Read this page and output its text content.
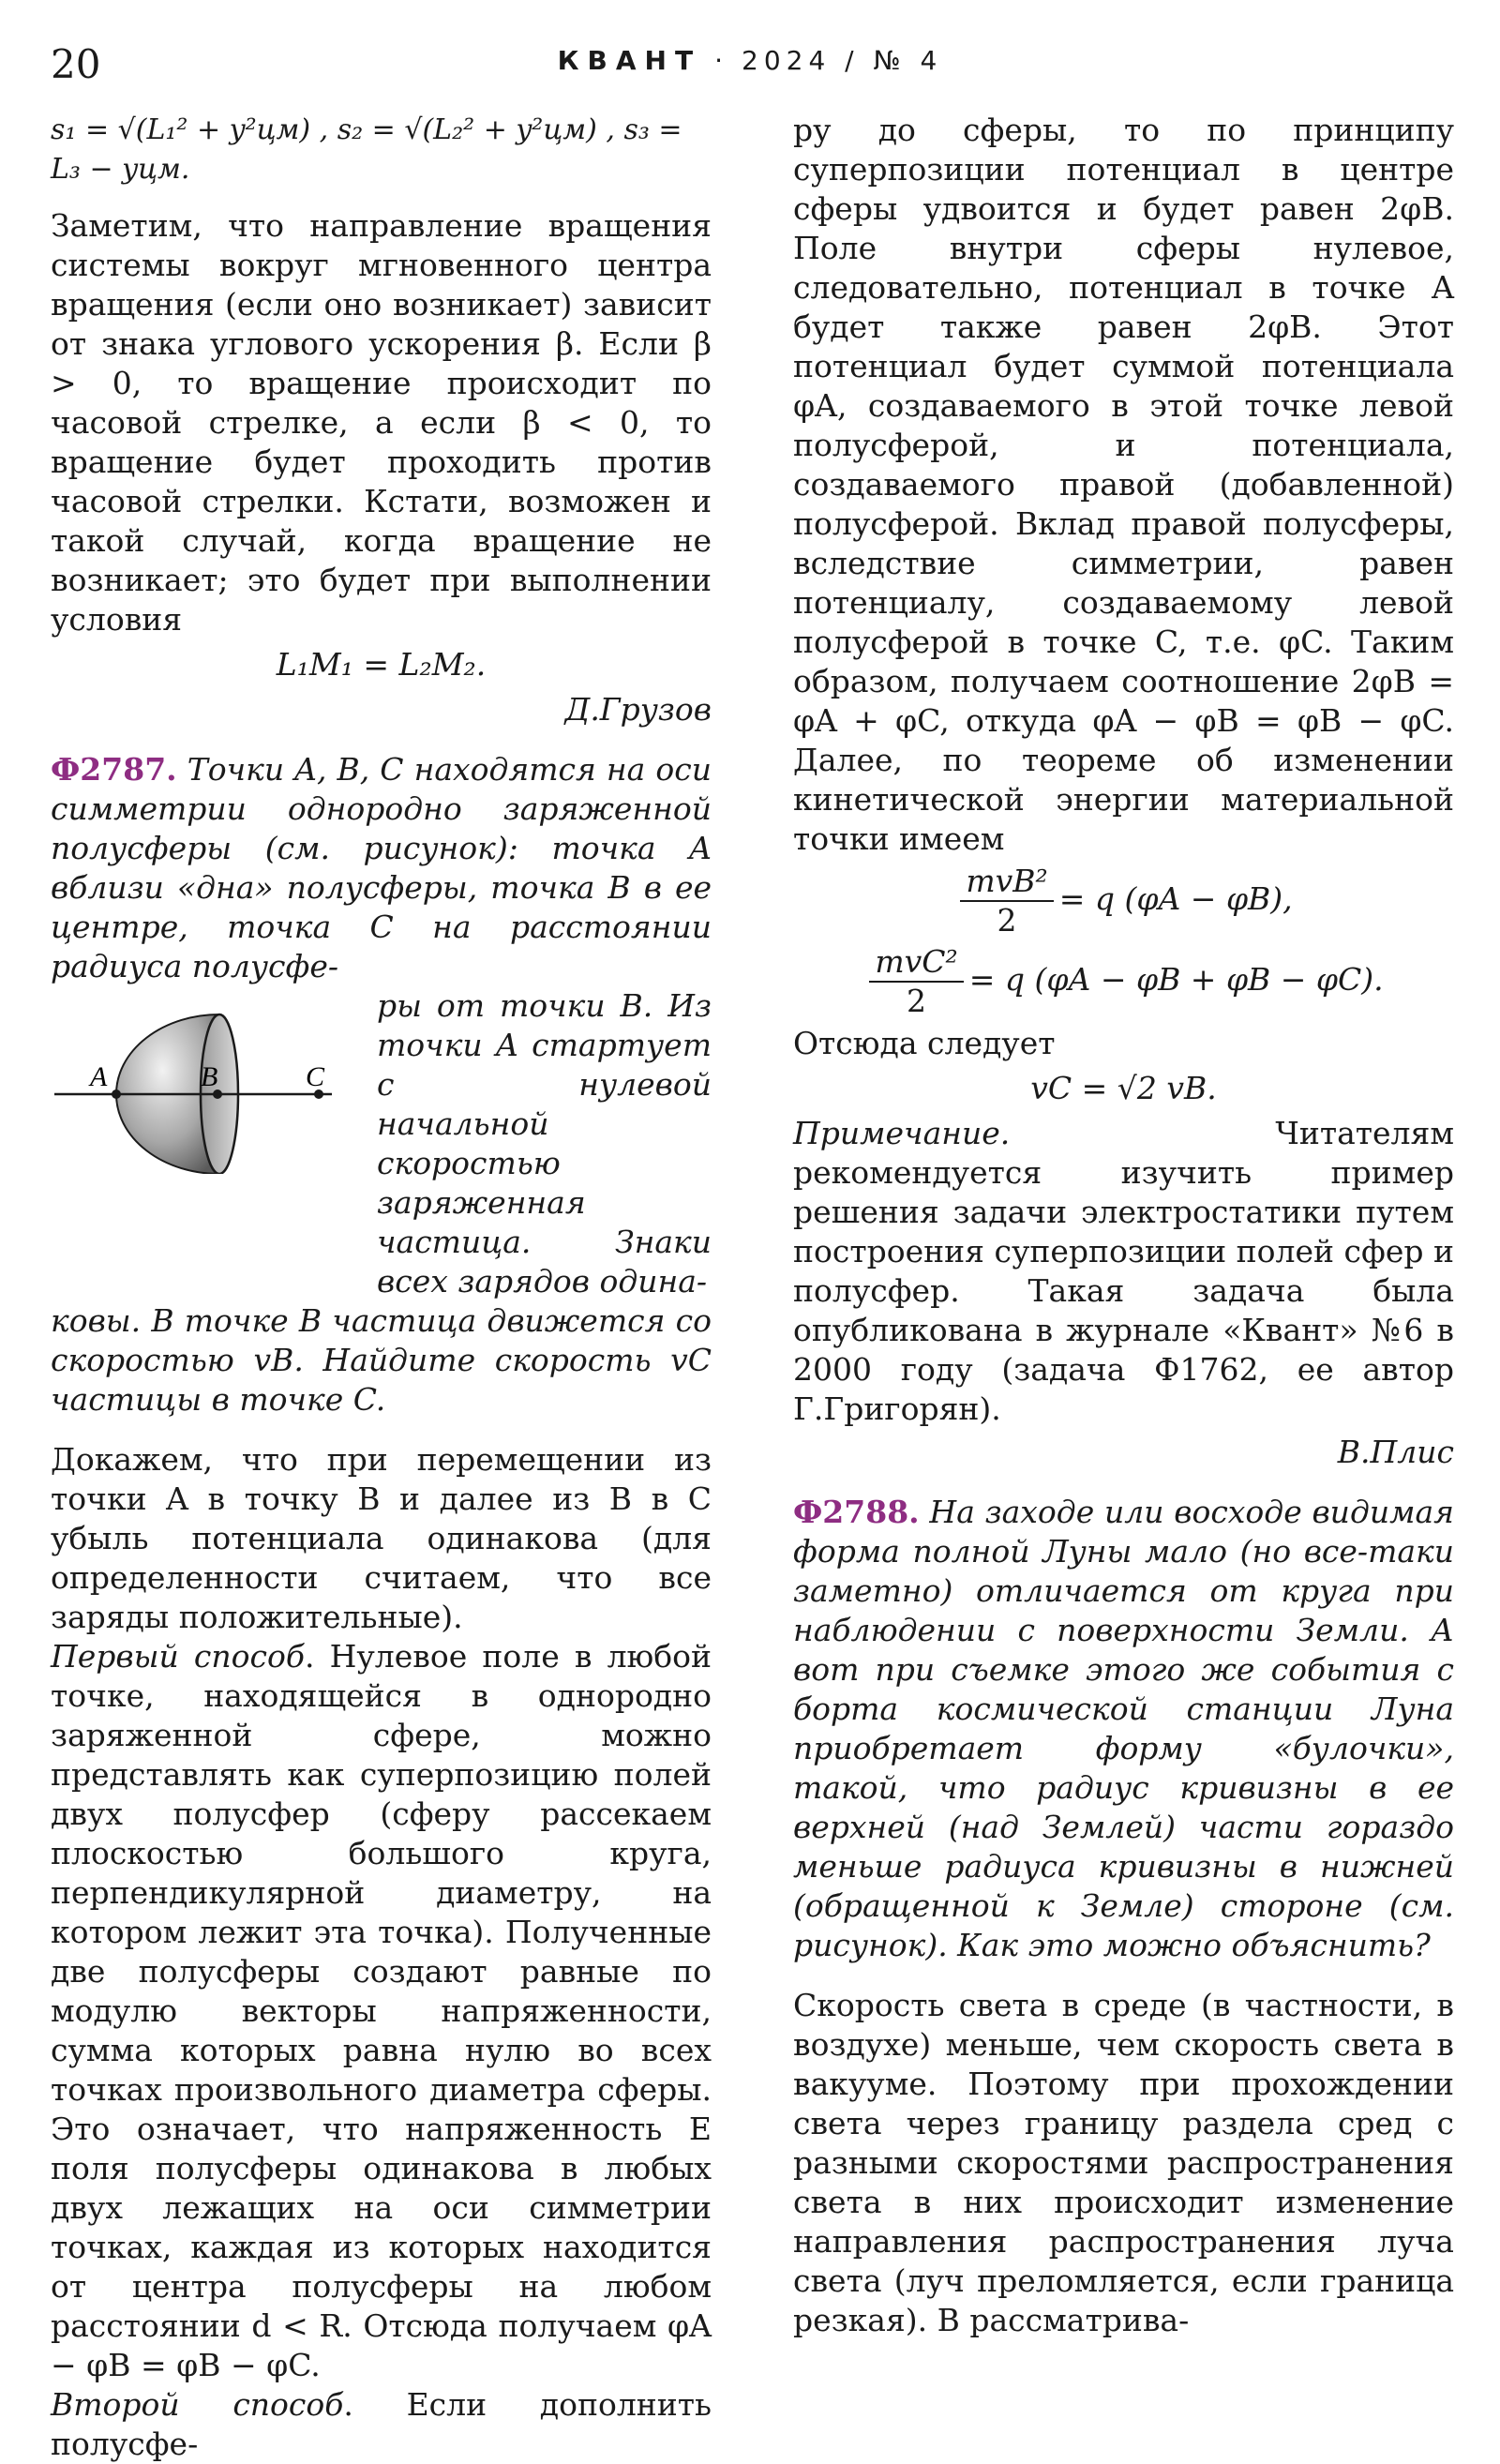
20	КВАНТ · 2024 / № 4
s₁ = √(L₁² + y²цм) , s₂ = √(L₂² + y²цм) , s₃ = L₃ − yцм.

Заметим, что направление вращения системы вокруг мгновенного центра вращения (если оно возникает) зависит от знака углового ускорения β. Если β > 0, то вращение происходит по часовой стрелке, а если β < 0, то вращение будет проходить против часовой стрелки. Кстати, возможен и такой случай, когда вращение не возникает; это будет при выполнении условия

L₁M₁ = L₂M₂.
Д.Грузов

Ф2787. Точки A, B, C находятся на оси симметрии однородно заряженной полусферы (см. рисунок): точка A вблизи «дна» полусферы, точка B в ее центре, точка C на расстоянии радиуса полусфе-

A	B	C
ры от точки B. Из точки A стартует с нулевой начальной скоростью заряженная частица. Знаки всех зарядов одина-

ковы. В точке B частица движется со скоростью vB. Найдите скорость vC частицы в точке C.

Докажем, что при перемещении из точки A в точку B и далее из B в C убыль потенциала одинакова (для определенности считаем, что все заряды положительные).

Первый способ. Нулевое поле в любой точке, находящейся в однородно заряженной сфере, можно представлять как суперпозицию полей двух полусфер (сферу рассекаем плоскостью большого круга, перпендикулярной диаметру, на котором лежит эта точка). Полученные две полусферы создают равные по модулю векторы напряженности, сумма которых равна нулю во всех точках произвольного диаметра сферы. Это означает, что напряженность E поля полусферы одинакова в любых двух лежащих на оси симметрии точках, каждая из которых находится от центра полусферы на любом расстоянии d < R. Отсюда получаем φA − φB = φB − φC.

Второй способ. Если дополнить полусфе-

ру до сферы, то по принципу суперпозиции потенциал в центре сферы удвоится и будет равен 2φB. Поле внутри сферы нулевое, следовательно, потенциал в точке A будет также равен 2φB. Этот потенциал будет суммой потенциала φA, создаваемого в этой точке левой полусферой, и потенциала, создаваемого правой (добавленной) полусферой. Вклад правой полусферы, вследствие симметрии, равен потенциалу, создаваемому левой полусферой в точке C, т.е. φC. Таким образом, получаем соотношение 2φB = φA + φC, откуда φA − φB = φB − φC. Далее, по теореме об изменении кинетической энергии материальной точки имеем

$\frac{\text{mvB²}}{2} = q$ (φA − φB),
$\frac{\text{mvC²}}{2} = q$ (φA − φB + φB − φC).

Отсюда следует

vC = √2 vB.

Примечание. Читателям рекомендуется изучить пример решения задачи электростатики путем построения суперпозиции полей сфер и полусфер. Такая задача была опубликована в журнале «Квант» №6 в 2000 году (задача Ф1762, ее автор Г.Григорян).

В.Плис

Ф2788. На заходе или восходе видимая форма полной Луны мало (но все-таки заметно) отличается от круга при наблюдении с поверхности Земли. А вот при съемке этого же события с борта космической станции Луна приобретает форму «булочки», такой, что радиус кривизны в ее верхней (над Землей) части гораздо меньше радиуса кривизны в нижней (обращенной к Земле) стороне (см. рисунок). Как это можно объяснить?

Скорость света в среде (в частности, в воздухе) меньше, чем скорость света в вакууме. Поэтому при прохождении света через границу раздела сред с разными скоростями распространения света в них происходит изменение направления распространения луча света (луч преломляется, если граница резкая). В рассматрива-
